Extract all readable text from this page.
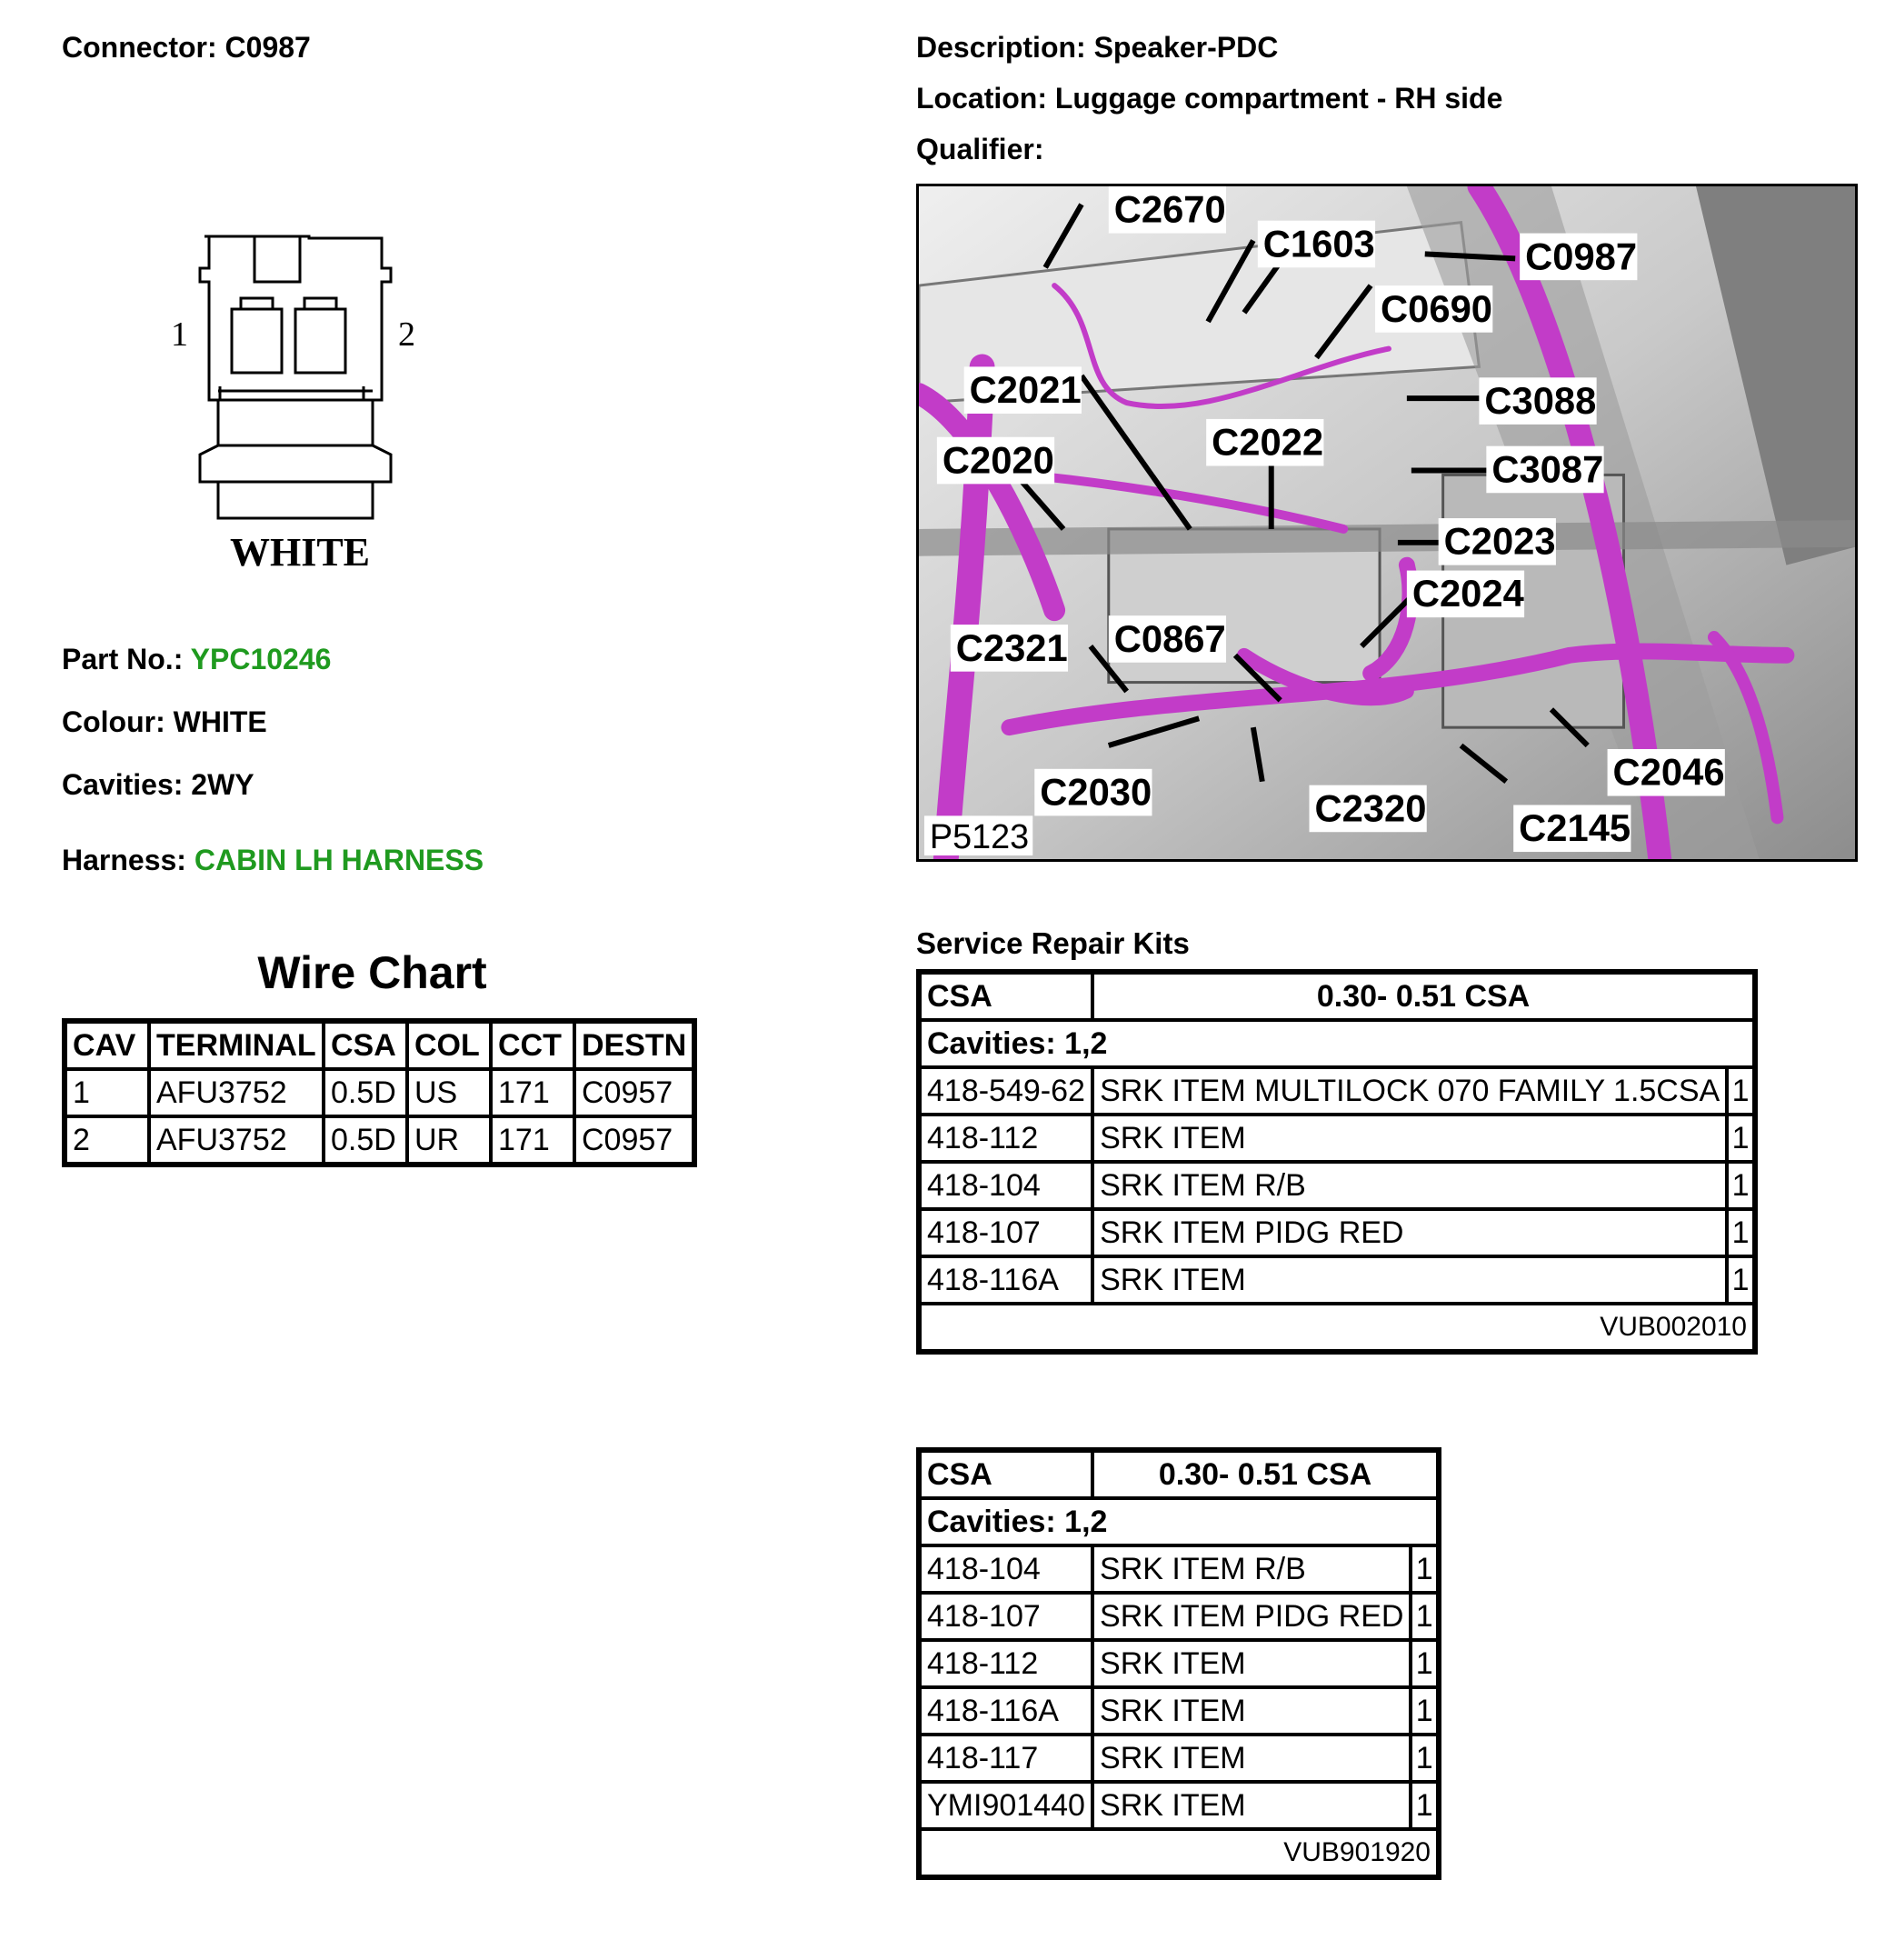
Connector: C0987	Description: Speaker-PDC
Location: Luggage compartment - RH side
Qualifier:
1	2
WHITE
Part No.: YPC10246
Colour: WHITE
Cavities: 2WY
Harness: CABIN LH HARNESS
Wire Chart
CAV	TERMINAL	CSA	COL	CCT	DESTN
1	AFU3752	0.5D	US	171	C0957
2	AFU3752	0.5D	UR	171	C0957
C2670
C1603	C0987
C0690
C2021	C3088
C2020	C2022
C3087
C2023
C2024
C2321 C0867
C2030	C2320 C2145
C2046
P5123
Service Repair Kits
CSA	0.30- 0.51 CSA	
Cavities: 1,2		
418-549-62	SRK ITEM MULTILOCK 070 FAMILY 1.5CSA	1
418-112	SRK ITEM	1
418-104	SRK ITEM R/B	1
418-107	SRK ITEM PIDG RED	1
418-116A	SRK ITEM	1
VUB002010		
CSA	0.30- 0.51 CSA	
Cavities: 1,2		
418-104	SRK ITEM R/B	1
418-107	SRK ITEM PIDG RED	1
418-112	SRK ITEM	1
418-116A	SRK ITEM	1
418-117	SRK ITEM	1
YMI901440	SRK ITEM	1
VUB901920		
